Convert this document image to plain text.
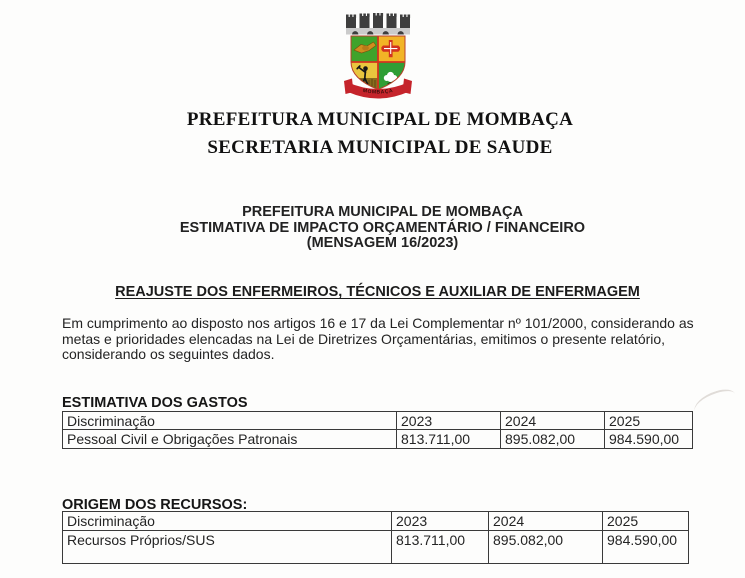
MOMBAÇA
PREFEITURA MUNICIPAL DE MOMBAÇA
SECRETARIA MUNICIPAL DE SAUDE
PREFEITURA MUNICIPAL DE MOMBAÇA
ESTIMATIVA DE IMPACTO ORÇAMENTÁRIO / FINANCEIRO
(MENSAGEM 16/2023)
REAJUSTE DOS ENFERMEIROS, TÉCNICOS E AUXILIAR DE ENFERMAGEM
Em cumprimento ao disposto nos artigos 16 e 17 da Lei Complementar nº 101/2000, considerando as metas e prioridades elencadas na Lei de Diretrizes Orçamentárias, emitimos o presente relatório, considerando os seguintes dados.
ESTIMATIVA DOS GASTOS
Discriminação	2023	2024	2025
Pessoal Civil e Obrigações Patronais	813.711,00	895.082,00	984.590,00
ORIGEM DOS RECURSOS:
Discriminação	2023	2024	2025
Recursos Próprios/SUS	813.711,00	895.082,00	984.590,00
